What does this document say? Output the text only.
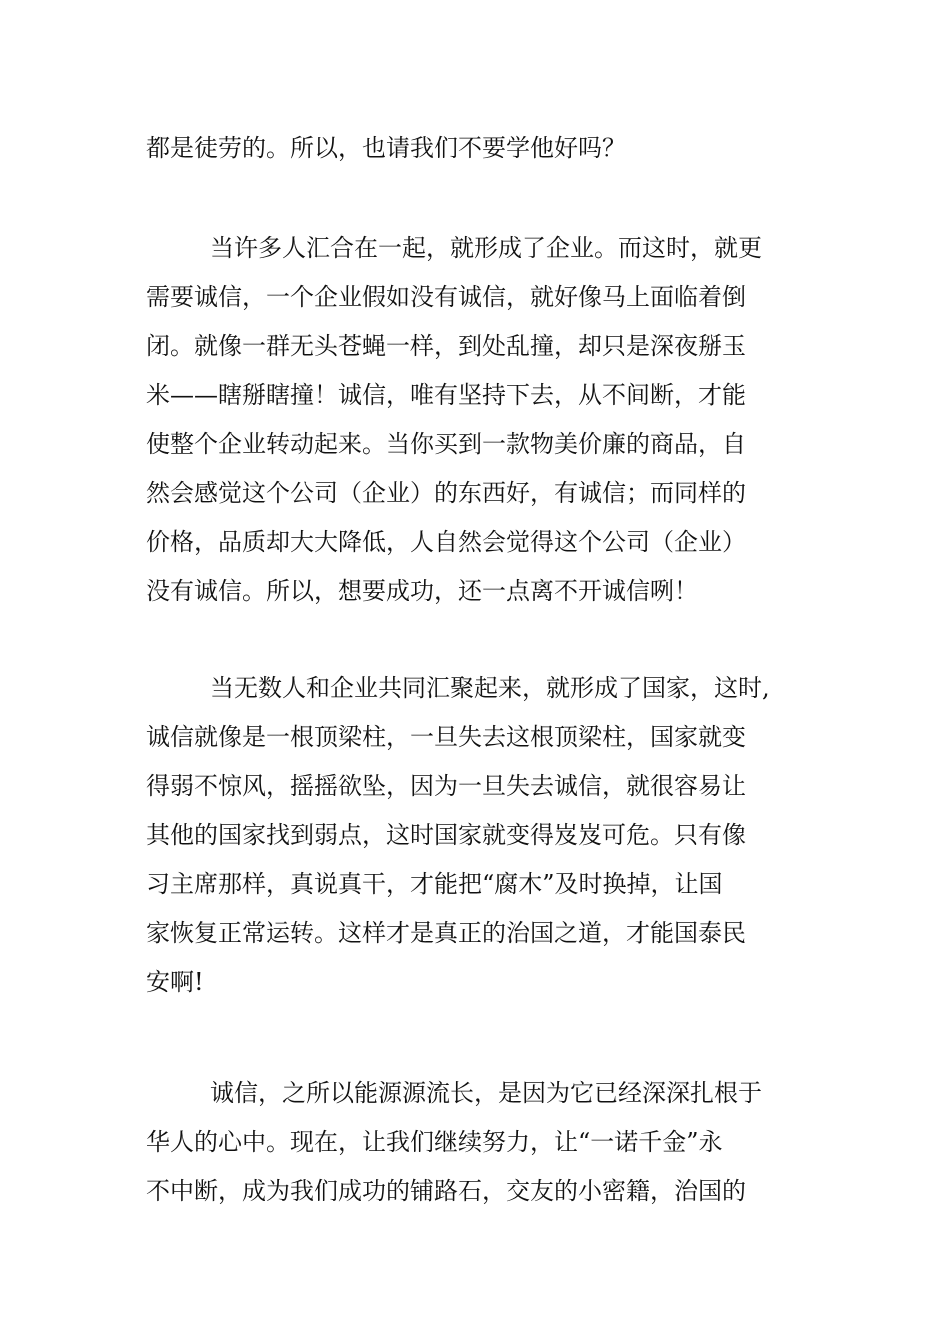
都是徒劳的。所以，也请我们不要学他好吗？
当许多人汇合在一起，就形成了企业。而这时，就更
需要诚信，一个企业假如没有诚信，就好像马上面临着倒
闭。就像一群无头苍蝇一样，到处乱撞，却只是深夜掰玉
米——瞎掰瞎撞！诚信，唯有坚持下去，从不间断，才能
使整个企业转动起来。当你买到一款物美价廉的商品，自
然会感觉这个公司（企业）的东西好，有诚信；而同样的
价格，品质却大大降低，人自然会觉得这个公司（企业）
没有诚信。所以，想要成功，还一点离不开诚信咧！
当无数人和企业共同汇聚起来，就形成了国家，这时,
诚信就像是一根顶梁柱，一旦失去这根顶梁柱，国家就变
得弱不惊风，摇摇欲坠，因为一旦失去诚信，就很容易让
其他的国家找到弱点，这时国家就变得岌岌可危。只有像
习主席那样，真说真干，才能把“腐木”及时换掉，让国
家恢复正常运转。这样才是真正的治国之道，才能国泰民
安啊!
诚信，之所以能源源流长，是因为它已经深深扎根于
华人的心中。现在，让我们继续努力，让“一诺千金”永
不中断，成为我们成功的铺路石，交友的小密籍，治国的
